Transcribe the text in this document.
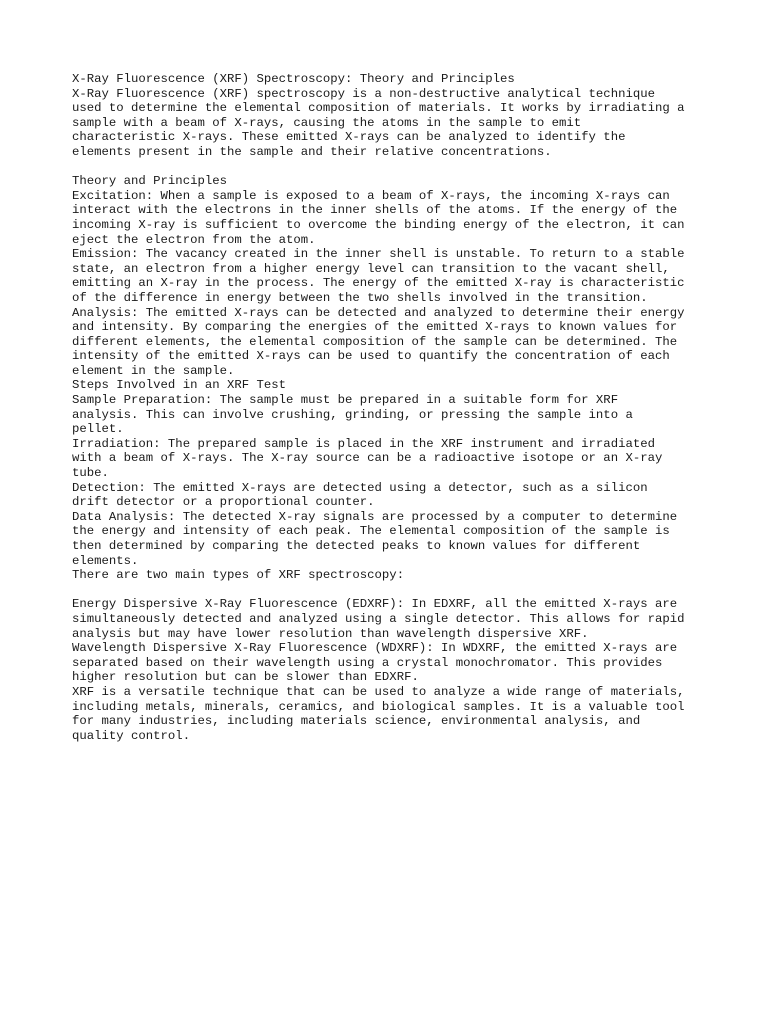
X-Ray Fluorescence (XRF) Spectroscopy: Theory and Principles
X-Ray Fluorescence (XRF) spectroscopy is a non-destructive analytical technique
used to determine the elemental composition of materials. It works by irradiating a
sample with a beam of X-rays, causing the atoms in the sample to emit
characteristic X-rays. These emitted X-rays can be analyzed to identify the
elements present in the sample and their relative concentrations.
Theory and Principles
Excitation: When a sample is exposed to a beam of X-rays, the incoming X-rays can
interact with the electrons in the inner shells of the atoms. If the energy of the
incoming X-ray is sufficient to overcome the binding energy of the electron, it can
eject the electron from the atom.
Emission: The vacancy created in the inner shell is unstable. To return to a stable
state, an electron from a higher energy level can transition to the vacant shell,
emitting an X-ray in the process. The energy of the emitted X-ray is characteristic
of the difference in energy between the two shells involved in the transition.
Analysis: The emitted X-rays can be detected and analyzed to determine their energy
and intensity. By comparing the energies of the emitted X-rays to known values for
different elements, the elemental composition of the sample can be determined. The
intensity of the emitted X-rays can be used to quantify the concentration of each
element in the sample.
Steps Involved in an XRF Test
Sample Preparation: The sample must be prepared in a suitable form for XRF
analysis. This can involve crushing, grinding, or pressing the sample into a
pellet.
Irradiation: The prepared sample is placed in the XRF instrument and irradiated
with a beam of X-rays. The X-ray source can be a radioactive isotope or an X-ray
tube.
Detection: The emitted X-rays are detected using a detector, such as a silicon
drift detector or a proportional counter.
Data Analysis: The detected X-ray signals are processed by a computer to determine
the energy and intensity of each peak. The elemental composition of the sample is
then determined by comparing the detected peaks to known values for different
elements.
There are two main types of XRF spectroscopy:
Energy Dispersive X-Ray Fluorescence (EDXRF): In EDXRF, all the emitted X-rays are
simultaneously detected and analyzed using a single detector. This allows for rapid
analysis but may have lower resolution than wavelength dispersive XRF.
Wavelength Dispersive X-Ray Fluorescence (WDXRF): In WDXRF, the emitted X-rays are
separated based on their wavelength using a crystal monochromator. This provides
higher resolution but can be slower than EDXRF.
XRF is a versatile technique that can be used to analyze a wide range of materials,
including metals, minerals, ceramics, and biological samples. It is a valuable tool
for many industries, including materials science, environmental analysis, and
quality control.
